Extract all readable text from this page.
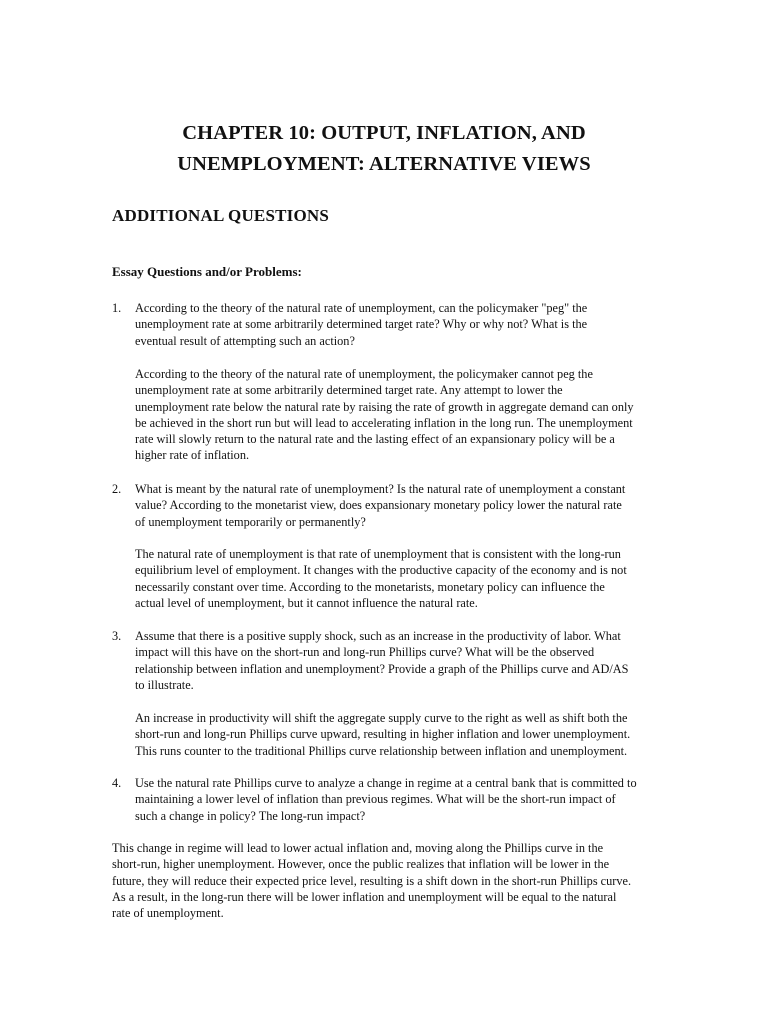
CHAPTER 10: OUTPUT, INFLATION, AND
UNEMPLOYMENT: ALTERNATIVE VIEWS
ADDITIONAL QUESTIONS
Essay Questions and/or Problems:
1. According to the theory of the natural rate of unemployment, can the policymaker "peg" the
unemployment rate at some arbitrarily determined target rate? Why or why not? What is the
eventual result of attempting such an action?
According to the theory of the natural rate of unemployment, the policymaker cannot peg the
unemployment rate at some arbitrarily determined target rate. Any attempt to lower the
unemployment rate below the natural rate by raising the rate of growth in aggregate demand can only
be achieved in the short run but will lead to accelerating inflation in the long run. The unemployment
rate will slowly return to the natural rate and the lasting effect of an expansionary policy will be a
higher rate of inflation.
2. What is meant by the natural rate of unemployment? Is the natural rate of unemployment a constant
value? According to the monetarist view, does expansionary monetary policy lower the natural rate
of unemployment temporarily or permanently?
The natural rate of unemployment is that rate of unemployment that is consistent with the long-run
equilibrium level of employment. It changes with the productive capacity of the economy and is not
necessarily constant over time. According to the monetarists, monetary policy can influence the
actual level of unemployment, but it cannot influence the natural rate.
3. Assume that there is a positive supply shock, such as an increase in the productivity of labor. What
impact will this have on the short-run and long-run Phillips curve? What will be the observed
relationship between inflation and unemployment? Provide a graph of the Phillips curve and AD/AS
to illustrate.
An increase in productivity will shift the aggregate supply curve to the right as well as shift both the
short-run and long-run Phillips curve upward, resulting in higher inflation and lower unemployment.
This runs counter to the traditional Phillips curve relationship between inflation and unemployment.
4. Use the natural rate Phillips curve to analyze a change in regime at a central bank that is committed to
maintaining a lower level of inflation than previous regimes. What will be the short-run impact of
such a change in policy? The long-run impact?
This change in regime will lead to lower actual inflation and, moving along the Phillips curve in the
short-run, higher unemployment. However, once the public realizes that inflation will be lower in the
future, they will reduce their expected price level, resulting is a shift down in the short-run Phillips curve.
As a result, in the long-run there will be lower inflation and unemployment will be equal to the natural
rate of unemployment.
